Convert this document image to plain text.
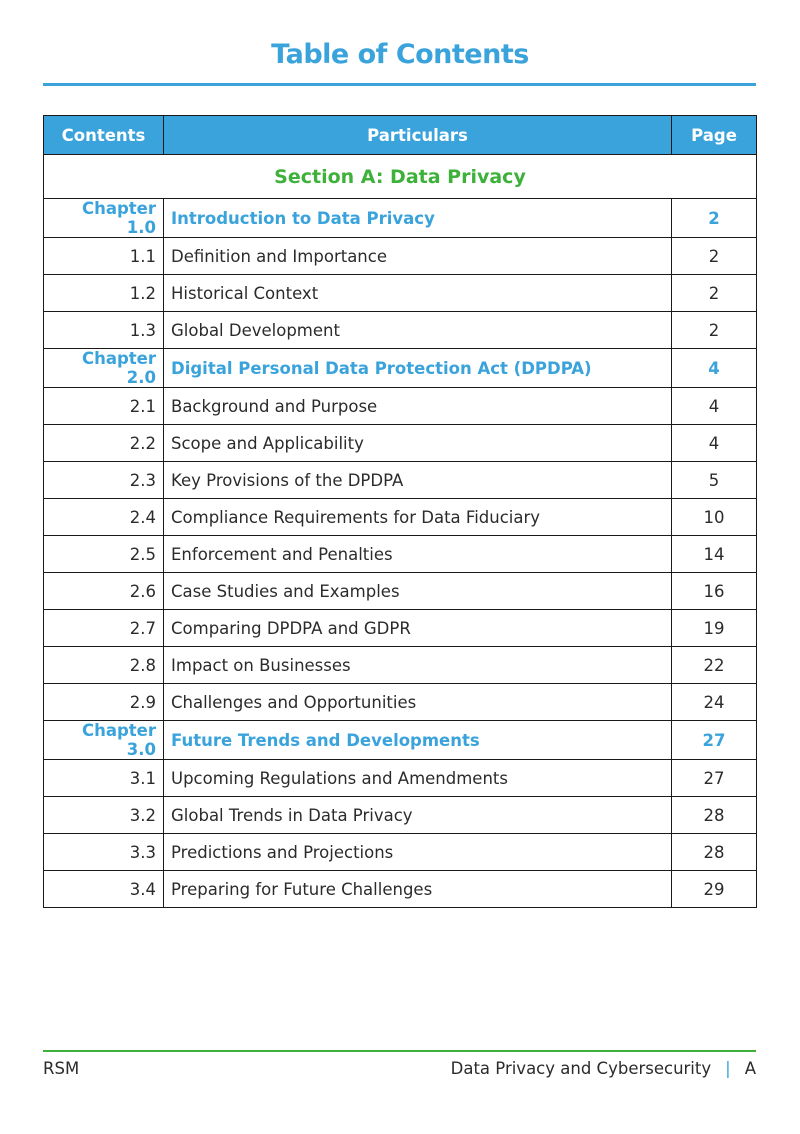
Table of Contents
Contents	Particulars	Page
Section A: Data Privacy		
Chapter 1.0	Introduction to Data Privacy	2
1.1	Definition and Importance	2
1.2	Historical Context	2
1.3	Global Development	2
Chapter 2.0	Digital Personal Data Protection Act (DPDPA)	4
2.1	Background and Purpose	4
2.2	Scope and Applicability	4
2.3	Key Provisions of the DPDPA	5
2.4	Compliance Requirements for Data Fiduciary	10
2.5	Enforcement and Penalties	14
2.6	Case Studies and Examples	16
2.7	Comparing DPDPA and GDPR	19
2.8	Impact on Businesses	22
2.9	Challenges and Opportunities	24
Chapter 3.0	Future Trends and Developments	27
3.1	Upcoming Regulations and Amendments	27
3.2	Global Trends in Data Privacy	28
3.3	Predictions and Projections	28
3.4	Preparing for Future Challenges	29
RSM	Data Privacy and Cybersecurity | A
